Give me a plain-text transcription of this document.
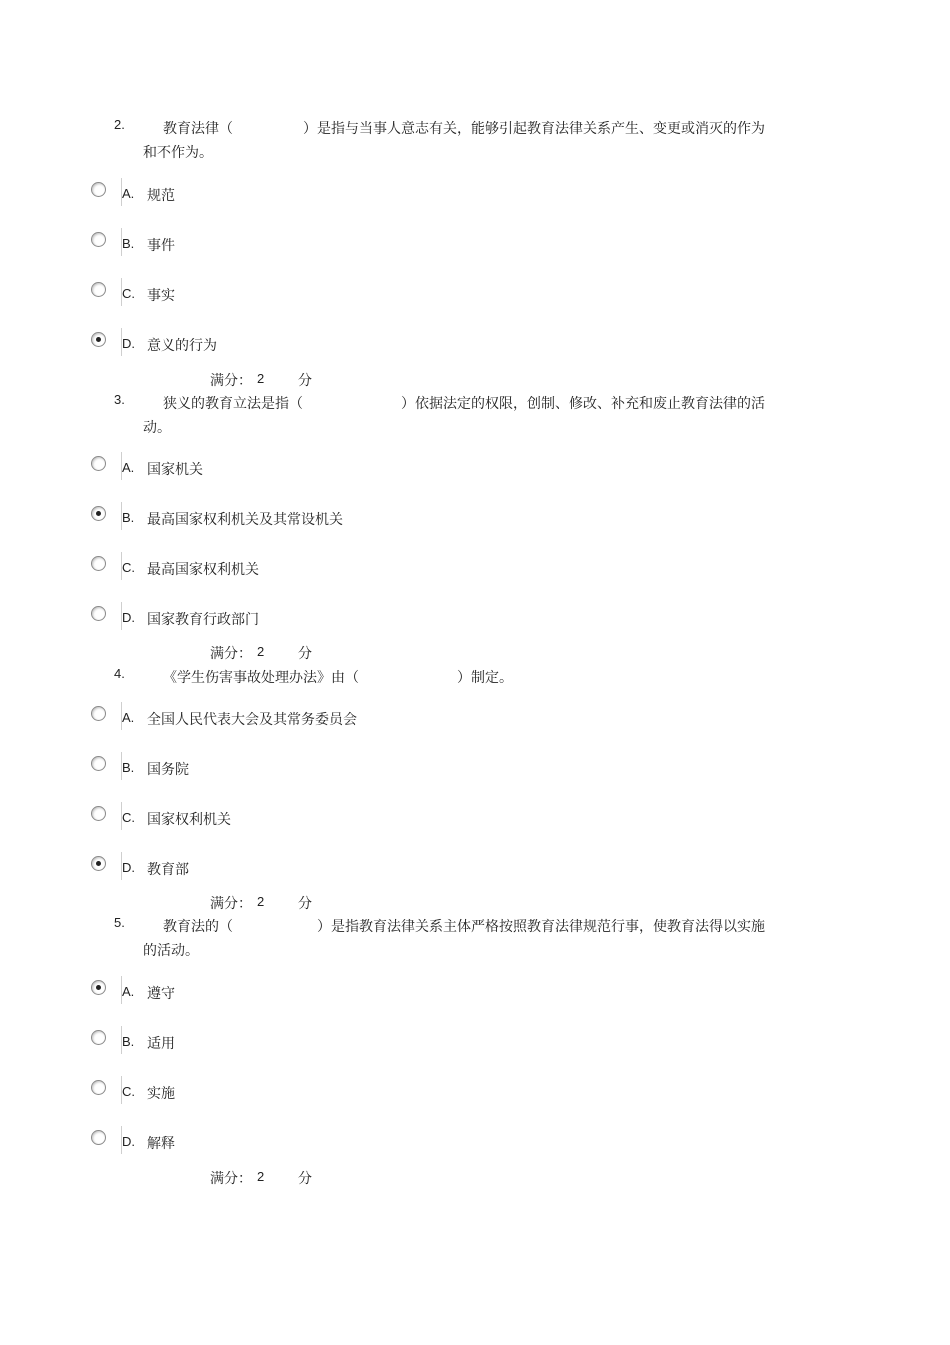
2.	教育法律（　　　　　）是指与当事人意志有关，能够引起教育法律关系产生、变更或消灭的作为和不作为。
A. 规范
B. 事件
C. 事实
D. 意义的行为
满分： 2 分
3.	狭义的教育立法是指（　　　　　　　）依据法定的权限，创制、修改、补充和废止教育法律的活动。
A. 国家机关
B. 最高国家权利机关及其常设机关
C. 最高国家权利机关
D. 国家教育行政部门
满分： 2 分
4.	《学生伤害事故处理办法》由（　　　　　　　）制定。
A. 全国人民代表大会及其常务委员会
B. 国务院
C. 国家权利机关
D. 教育部
满分： 2 分
5.	教育法的（　　　　　　）是指教育法律关系主体严格按照教育法律规范行事，使教育法得以实施的活动。
A. 遵守
B. 适用
C. 实施
D. 解释
满分： 2 分
